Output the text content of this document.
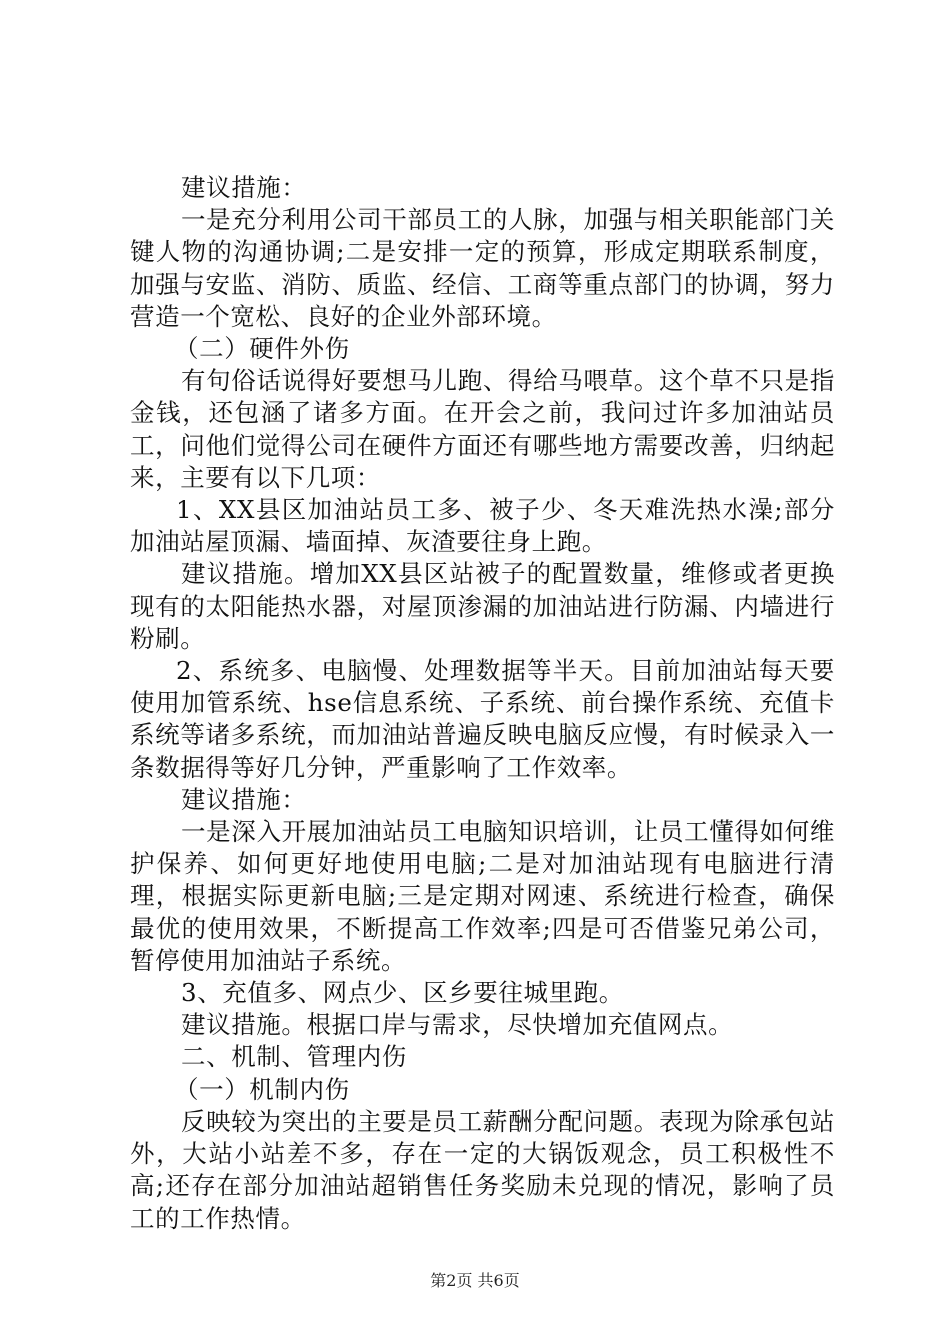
建议措施：

一是充分利用公司干部员工的人脉，加强与相关职能部门关键人物的沟通协调;二是安排一定的预算，形成定期联系制度，加强与安监、消防、质监、经信、工商等重点部门的协调，努力营造一个宽松、良好的企业外部环境。

（二）硬件外伤

有句俗话说得好要想马儿跑、得给马喂草。这个草不只是指金钱，还包涵了诸多方面。在开会之前，我问过许多加油站员工，问他们觉得公司在硬件方面还有哪些地方需要改善，归纳起来，主要有以下几项：

1、XX县区加油站员工多、被子少、冬天难洗热水澡;部分加油站屋顶漏、墙面掉、灰渣要往身上跑。

建议措施。增加XX县区站被子的配置数量，维修或者更换现有的太阳能热水器，对屋顶渗漏的加油站进行防漏、内墙进行粉刷。

2、系统多、电脑慢、处理数据等半天。目前加油站每天要使用加管系统、hse信息系统、子系统、前台操作系统、充值卡系统等诸多系统，而加油站普遍反映电脑反应慢，有时候录入一条数据得等好几分钟，严重影响了工作效率。

建议措施：

一是深入开展加油站员工电脑知识培训，让员工懂得如何维护保养、如何更好地使用电脑;二是对加油站现有电脑进行清理，根据实际更新电脑;三是定期对网速、系统进行检查，确保最优的使用效果，不断提高工作效率;四是可否借鉴兄弟公司，暂停使用加油站子系统。

3、充值多、网点少、区乡要往城里跑。

建议措施。根据口岸与需求，尽快增加充值网点。

二、机制、管理内伤

（一）机制内伤

反映较为突出的主要是员工薪酬分配问题。表现为除承包站外，大站小站差不多，存在一定的大锅饭观念，员工积极性不高;还存在部分加油站超销售任务奖励未兑现的情况，影响了员工的工作热情。

第2页 共6页
